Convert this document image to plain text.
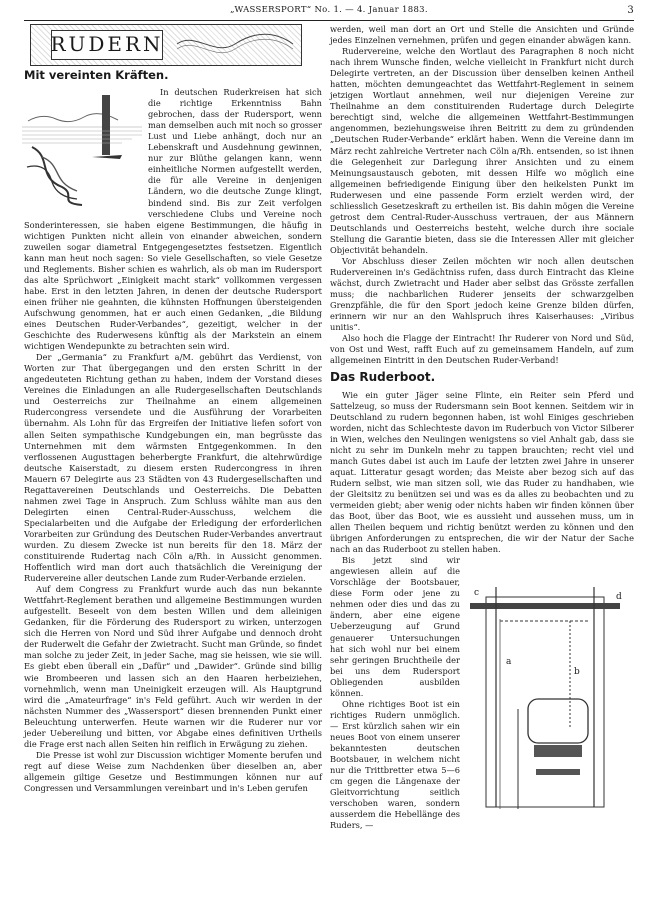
„WASSERSPORT“ No. 1. — 4. Januar 1883.	3
RUDERN
Mit vereinten Kräften.

In deutschen Ruderkreisen hat sich die richtige Erkenntniss Bahn gebrochen, dass der Rudersport, wenn man demselben auch mit noch so grosser Lust und Liebe anhängt, doch nur an Lebenskraft und Ausdehnung gewinnen, nur zur Blüthe gelangen kann, wenn einheitliche Normen aufgestellt werden, die für alle Vereine in denjenigen Ländern, wo die deutsche Zunge klingt, bindend sind. Bis zur Zeit verfolgen verschiedene Clubs und Vereine noch Sonderinteressen, sie haben eigene Bestimmungen, die häufig in wichtigen Punkten nicht allein von einander abweichen, sondern zuweilen sogar diametral Entgegengesetztes festsetzen. Eigentlich kann man heut noch sagen: So viele Gesellschaften, so viele Gesetze und Reglements. Bisher schien es wahrlich, als ob man im Rudersport das alte Sprüchwort „Einigkeit macht stark“ vollkommen vergessen habe. Erst in den letzten Jahren, in denen der deutsche Rudersport einen früher nie geahnten, die kühnsten Hoffnungen übersteigenden Aufschwung genommen, hat er auch einen Gedanken, „die Bildung eines Deutschen Ruder-Verbandes“, gezeitigt, welcher in der Geschichte des Ruderwesens künftig als der Markstein an einem wichtigen Wendepunkte zu betrachten sein wird.

Der „Germania“ zu Frankfurt a/M. gebührt das Verdienst, von Worten zur That übergegangen und den ersten Schritt in der angedeuteten Richtung gethan zu haben, indem der Vorstand dieses Vereines die Einladungen an alle Rudergesellschaften Deutschlands und Oesterreichs zur Theilnahme an einem allgemeinen Rudercongress versendete und die Ausführung der Vorarbeiten übernahm. Als Lohn für das Ergreifen der Initiative liefen sofort von allen Seiten sympathische Kundgebungen ein, man begrüsste das Unternehmen mit dem wärmsten Entgegenkommen. In den verflossenen Augusttagen beherbergte Frankfurt, die altehrwürdige deutsche Kaiserstadt, zu diesem ersten Rudercongress in ihren Mauern 67 Delegirte aus 23 Städten von 43 Rudergesellschaften und Regattavereinen Deutschlands und Oesterreichs. Die Debatten nahmen zwei Tage in Anspruch. Zum Schluss wählte man aus den Delegirten einen Central-Ruder-Ausschuss, welchem die Specialarbeiten und die Aufgabe der Erledigung der erforderlichen Vorarbeiten zur Gründung des Deutschen Ruder-Verbandes anvertraut wurden. Zu diesem Zwecke ist nun bereits für den 18. März der constituirende Rudertag nach Cöln a/Rh. in Aussicht genommen. Hoffentlich wird man dort auch thatsächlich die Vereinigung der Rudervereine aller deutschen Lande zum Ruder-Verbande erzielen.

Auf dem Congress zu Frankfurt wurde auch das nun bekannte Wettfahrt-Reglement berathen und allgemeine Bestimmungen wurden aufgestellt. Beseelt von dem besten Willen und dem alleinigen Gedanken, für die Förderung des Rudersport zu wirken, unterzogen sich die Herren von Nord und Süd ihrer Aufgabe und dennoch droht der Ruderwelt die Gefahr der Zwietracht. Sucht man Gründe, so findet man solche zu jeder Zeit, in jeder Sache, mag sie heissen, wie sie will. Es giebt eben überall ein „Dafür“ und „Dawider“. Gründe sind billig wie Brombeeren und lassen sich an den Haaren herbeiziehen, vornehmlich, wenn man Uneinigkeit erzeugen will. Als Hauptgrund wird die „Amateurfrage“ in's Feld geführt. Auch wir werden in der nächsten Nummer des „Wassersport“ diesen brennenden Punkt einer Beleuchtung unterwerfen. Heute warnen wir die Ruderer nur vor jeder Uebereilung und bitten, vor Abgabe eines definitiven Urtheils die Frage erst nach allen Seiten hin reiflich in Erwägung zu ziehen.

Die Presse ist wohl zur Discussion wichtiger Momente berufen und regt auf diese Weise zum Nachdenken über dieselben an, aber allgemein giltige Gesetze und Bestimmungen können nur auf Congressen und Versammlungen vereinbart und in's Leben gerufen

werden, weil man dort an Ort und Stelle die Ansichten und Gründe jedes Einzelnen vernehmen, prüfen und gegen einander abwägen kann.

Rudervereine, welche den Wortlaut des Paragraphen 8 noch nicht nach ihrem Wunsche finden, welche vielleicht in Frankfurt nicht durch Delegirte vertreten, an der Discussion über denselben keinen Antheil hatten, möchten demungeachtet das Wettfahrt-Reglement in seinem jetzigen Wortlaut annehmen, weil nur diejenigen Vereine zur Theilnahme an dem constituirenden Rudertage durch Delegirte berechtigt sind, welche die allgemeinen Wettfahrt-Bestimmungen angenommen, beziehungsweise ihren Beitritt zu dem zu gründenden „Deutschen Ruder-Verbande“ erklärt haben. Wenn die Vereine dann im März recht zahlreiche Vertreter nach Cöln a/Rh. entsenden, so ist ihnen die Gelegenheit zur Darlegung ihrer Ansichten und zu einem Meinungsaustausch geboten, mit dessen Hilfe wo möglich eine allgemeinen befriedigende Einigung über den heikelsten Punkt im Ruderwesen und eine passende Form erzielt werden wird, der schliesslich Gesetzeskraft zu ertheilen ist. Bis dahin mögen die Vereine getrost dem Central-Ruder-Ausschuss vertrauen, der aus Männern Deutschlands und Oesterreichs besteht, welche durch ihre sociale Stellung die Garantie bieten, dass sie die Interessen Aller mit gleicher Objectivität behandeln.

Vor Abschluss dieser Zeilen möchten wir noch allen deutschen Rudervereinen in's Gedächtniss rufen, dass durch Eintracht das Kleine wächst, durch Zwietracht und Hader aber selbst das Grösste zerfallen muss; die nachbarlichen Ruderer jenseits der schwarzgelben Grenzpfähle, die für den Sport jedoch keine Grenze bilden dürfen, erinnern wir nur an den Wahlspruch ihres Kaiserhauses: „Viribus unitis“.

Also hoch die Flagge der Eintracht! Ihr Ruderer von Nord und Süd, von Ost und West, rafft Euch auf zu gemeinsamem Handeln, auf zum allgemeinen Eintritt in den Deutschen Ruder-Verband!

Das Ruderboot.

Wie ein guter Jäger seine Flinte, ein Reiter sein Pferd und Sattelzeug, so muss der Rudersmann sein Boot kennen. Seitdem wir in Deutschland zu rudern begonnen haben, ist wohl Einiges geschrieben worden, nicht das Schlechteste davon im Ruderbuch von Victor Silberer in Wien, welches den Neulingen wenigstens so viel Anhalt gab, dass sie nicht zu sehr im Dunkeln mehr zu tappen brauchten; recht viel und manch Gutes dabei ist auch im Laufe der letzten zwei Jahre in unserer aquat. Litteratur gesagt worden; das Meiste aber bezog sich auf das Rudern selbst, wie man sitzen soll, wie das Ruder zu handhaben, wie der Gleitsitz zu benützen sei und was es da alles zu beobachten und zu vermeiden giebt; aber wenig oder nichts haben wir finden können über das Boot, über das Boot, wie es aussieht und aussehen muss, um in allen Theilen bequem und richtig benützt werden zu können und den übrigen Anforderungen zu entsprechen, die wir der Natur der Sache nach an das Ruderboot zu stellen haben.

c	d
a
b

Bis jetzt sind wir angewiesen allein auf die Vorschläge der Bootsbauer, diese Form oder jene zu nehmen oder dies und das zu ändern, aber eine eigene Ueberzeugung auf Grund genauerer Untersuchungen hat sich wohl nur bei einem sehr geringen Bruchtheile der bei uns dem Rudersport Obliegenden ausbilden können.

Ohne richtiges Boot ist ein richtiges Rudern unmöglich. — Erst kürzlich sahen wir ein neues Boot von einem unserer bekanntesten deutschen Bootsbauer, in welchem nicht nur die Trittbretter etwa 5—6 cm gegen die Längenaxe der Gleitvorrichtung seitlich verschoben waren, sondern ausserdem die Hebellänge des Ruders, —
